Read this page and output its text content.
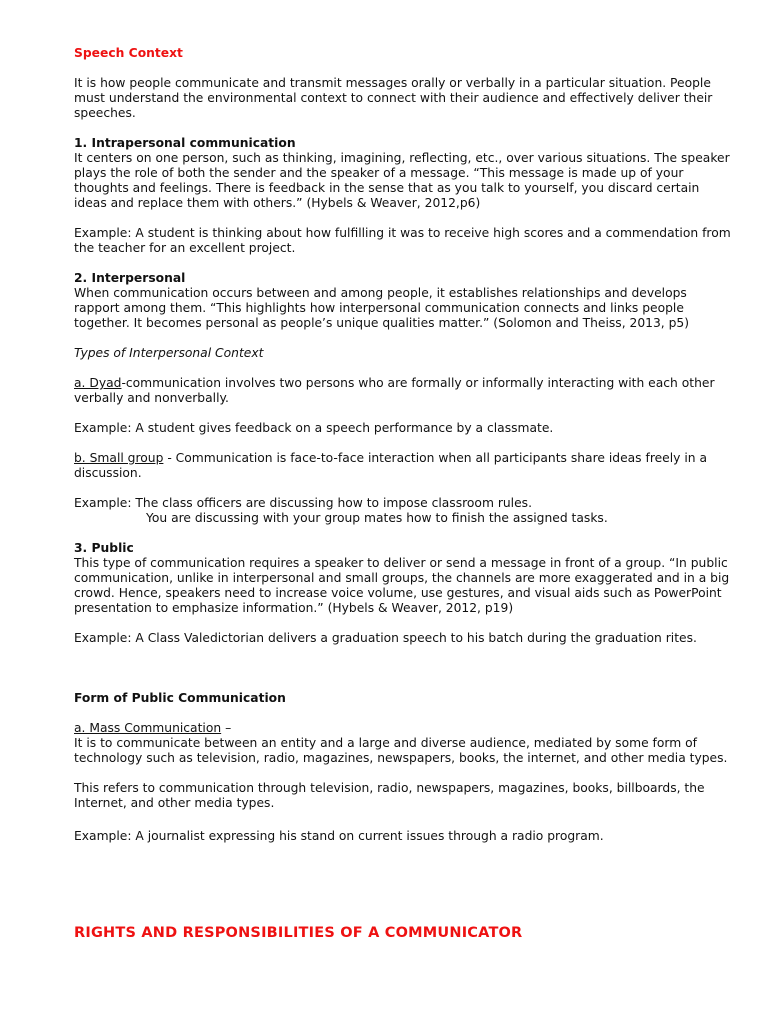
Speech Context

It is how people communicate and transmit messages orally or verbally in a particular situation. People must understand the environmental context to connect with their audience and effectively deliver their speeches.

1. Intrapersonal communication

It centers on one person, such as thinking, imagining, reflecting, etc., over various situations. The speaker plays the role of both the sender and the speaker of a message. “This message is made up of your thoughts and feelings. There is feedback in the sense that as you talk to yourself, you discard certain ideas and replace them with others.” (Hybels & Weaver, 2012,p6)

Example: A student is thinking about how fulfilling it was to receive high scores and a commendation from the teacher for an excellent project.

2. Interpersonal

When communication occurs between and among people, it establishes relationships and develops rapport among them. “This highlights how interpersonal communication connects and links people together. It becomes personal as people’s unique qualities matter.” (Solomon and Theiss, 2013, p5)

Types of Interpersonal Context

a. Dyad-communication involves two persons who are formally or informally interacting with each other verbally and nonverbally.

Example: A student gives feedback on a speech performance by a classmate.

b. Small group - Communication is face-to-face interaction when all participants share ideas freely in a discussion.

Example: The class officers are discussing how to impose classroom rules.

You are discussing with your group mates how to finish the assigned tasks.

3. Public

This type of communication requires a speaker to deliver or send a message in front of a group. “In public communication, unlike in interpersonal and small groups, the channels are more exaggerated and in a big crowd. Hence, speakers need to increase voice volume, use gestures, and visual aids such as PowerPoint presentation to emphasize information.” (Hybels & Weaver, 2012, p19)

Example: A Class Valedictorian delivers a graduation speech to his batch during the graduation rites.

Form of Public Communication

a. Mass Communication –

It is to communicate between an entity and a large and diverse audience, mediated by some form of technology such as television, radio, magazines, newspapers, books, the internet, and other media types.

This refers to communication through television, radio, newspapers, magazines, books, billboards, the Internet, and other media types.

Example: A journalist expressing his stand on current issues through a radio program.

RIGHTS AND RESPONSIBILITIES OF A COMMUNICATOR
